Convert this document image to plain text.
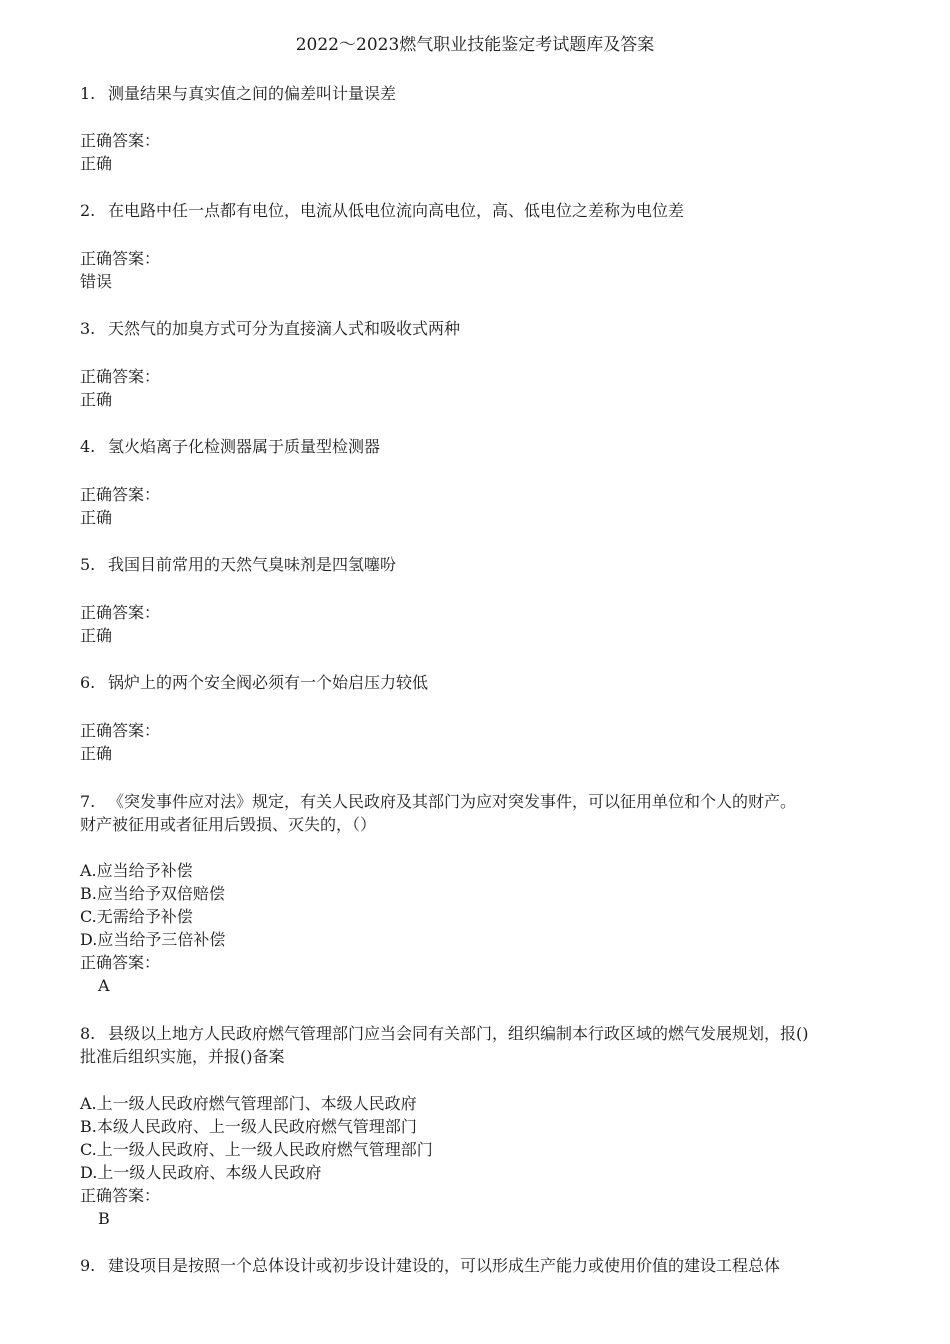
2022～2023燃气职业技能鉴定考试题库及答案
1. 测量结果与真实值之间的偏差叫计量误差
正确答案：
正确
2. 在电路中任一点都有电位，电流从低电位流向高电位，高、低电位之差称为电位差
正确答案：
错误
3. 天然气的加臭方式可分为直接滴人式和吸收式两种
正确答案：
正确
4. 氢火焰离子化检测器属于质量型检测器
正确答案：
正确
5. 我国目前常用的天然气臭味剂是四氢噻吩
正确答案：
正确
6. 锅炉上的两个安全阀必须有一个始启压力较低
正确答案：
正确
7. 《突发事件应对法》规定，有关人民政府及其部门为应对突发事件，可以征用单位和个人的财产。
财产被征用或者征用后毁损、灭失的，（）
A.应当给予补偿
B.应当给予双倍赔偿
C.无需给予补偿
D.应当给予三倍补偿
正确答案：
A
8. 县级以上地方人民政府燃气管理部门应当会同有关部门，组织编制本行政区域的燃气发展规划，报()
批准后组织实施，并报()备案
A.上一级人民政府燃气管理部门、本级人民政府
B.本级人民政府、上一级人民政府燃气管理部门
C.上一级人民政府、上一级人民政府燃气管理部门
D.上一级人民政府、本级人民政府
正确答案：
B
9. 建设项目是按照一个总体设计或初步设计建设的，可以形成生产能力或使用价值的建设工程总体
